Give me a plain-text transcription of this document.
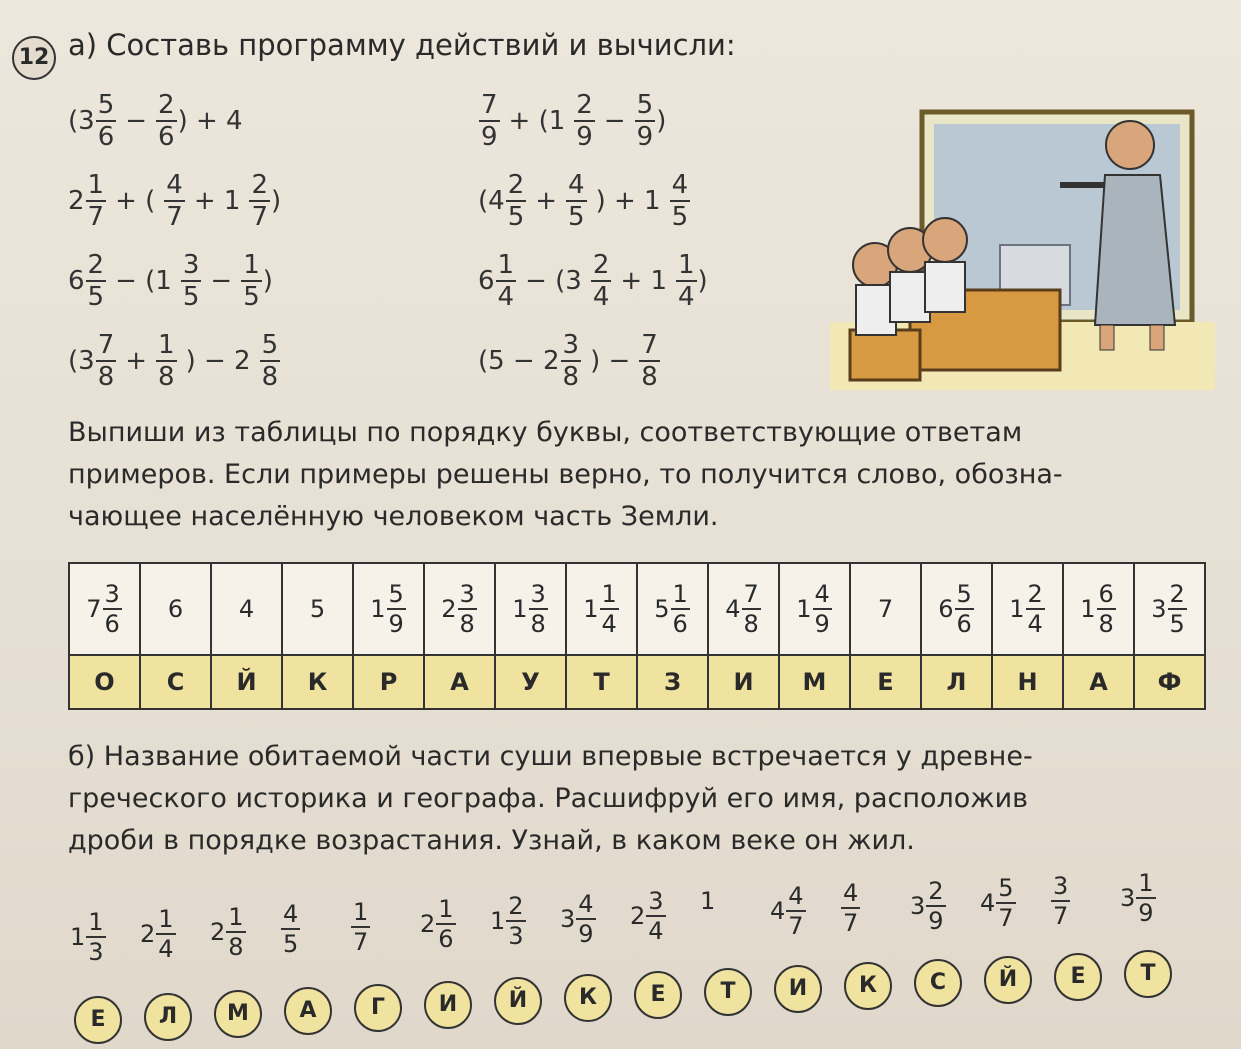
12 а) Составь программу действий и вычисли:
($3 \frac{5}{6} - \frac{2}{6}$ ) + 4
$2 \frac{1}{7}$ + ( $\frac{4}{7} + 1 \frac{2}{7}$ )
$6 \frac{2}{5} - (1 \frac{3}{5} - \frac{1}{5}$ )
($3 \frac{7}{8} + \frac{1}{8}$ ) − $2 \frac{5}{8}$
$\frac{7}{9} + (1 \frac{2}{9} - \frac{5}{9}$ )
($4 \frac{2}{5} + \frac{4}{5}$ ) + $1 \frac{4}{5}$
$6 \frac{1}{4} - (3 \frac{2}{4} + 1 \frac{1}{4}$ )
($5 - 2 \frac{3}{8}$ ) − $\frac{7}{8}$
Выпиши из таблицы по порядку буквы, соответствующие ответам
примеров. Если примеры решены верно, то получится слово, обозна-
чающее населённую человеком часть Земли.
$7 \frac{3}{6}$	6	4	5	$1 \frac{5}{9}$	$2 \frac{3}{8}$	$1 \frac{3}{8}$	$1 \frac{1}{4}$	$5 \frac{1}{6}$	$4 \frac{7}{8}$	$1 \frac{4}{9}$	7	$6 \frac{5}{6}$	$1 \frac{2}{4}$	$1 \frac{6}{8}$	$3 \frac{2}{5}$

О	С	Й	К	Р	А	У	Т	З	И	М	Е	Л	Н	А	Ф
б) Название обитаемой части суши впервые встречается у древне-
греческого историка и географа. Расшифруй его имя, расположив
дроби в порядке возрастания. Узнай, в каком веке он жил.
$1 \frac{1}{3} 2 \frac{1}{4} 2 \frac{1}{8} \frac{4}{5} \frac{1}{7} 2 \frac{1}{6} 1 \frac{2}{3} 3 \frac{4}{9} 2 \frac{3}{4} 1$ $4 \frac{4}{7} \frac{4}{7} 3 \frac{2}{9} 4 \frac{5}{7} \frac{3}{7} 3 \frac{1}{9}$
Е	Л	М	А	Г	И	Й	К	Е	Т	И	К	С	Й	Е	Т
